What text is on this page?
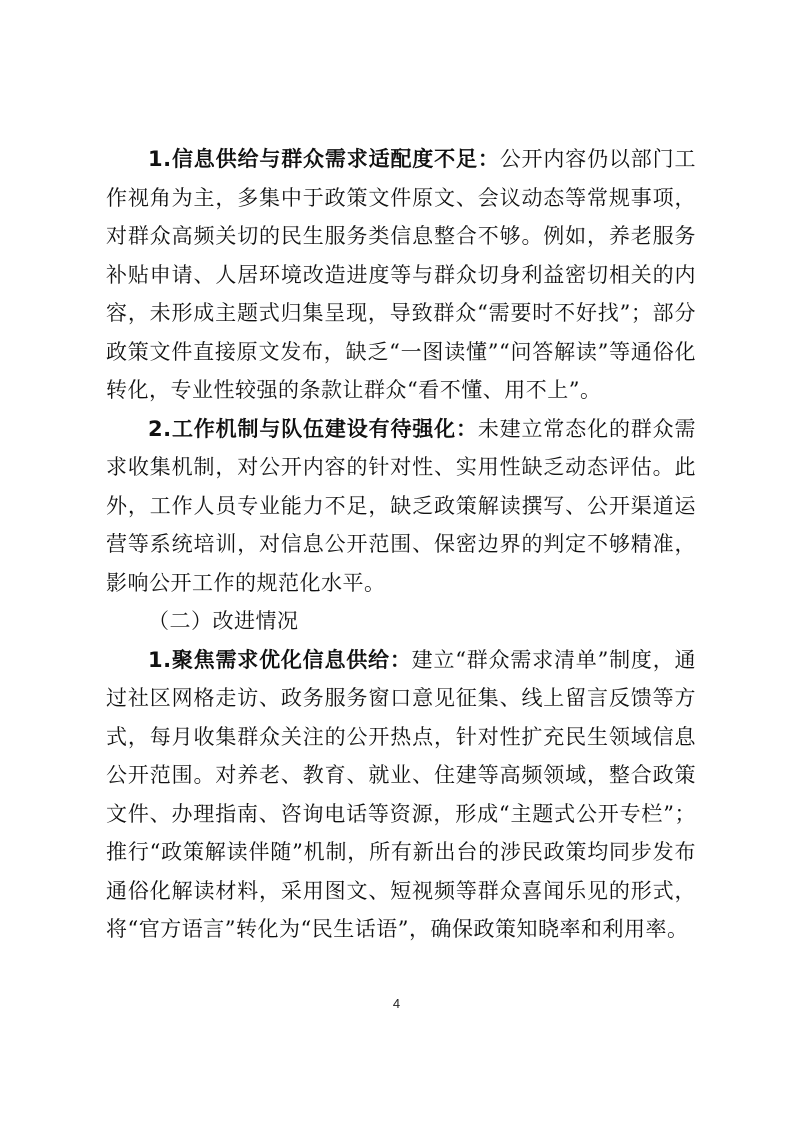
1.信息供给与群众需求适配度不足：公开内容仍以部门工作视角为主，多集中于政策文件原文、会议动态等常规事项，对群众高频关切的民生服务类信息整合不够。例如，养老服务补贴申请、人居环境改造进度等与群众切身利益密切相关的内容，未形成主题式归集呈现，导致群众“需要时不好找”；部分政策文件直接原文发布，缺乏“一图读懂”“问答解读”等通俗化转化，专业性较强的条款让群众“看不懂、用不上”。

2.工作机制与队伍建设有待强化：未建立常态化的群众需求收集机制，对公开内容的针对性、实用性缺乏动态评估。此外，工作人员专业能力不足，缺乏政策解读撰写、公开渠道运营等系统培训，对信息公开范围、保密边界的判定不够精准，影响公开工作的规范化水平。

（二）改进情况

1.聚焦需求优化信息供给：建立“群众需求清单”制度，通过社区网格走访、政务服务窗口意见征集、线上留言反馈等方式，每月收集群众关注的公开热点，针对性扩充民生领域信息公开范围。对养老、教育、就业、住建等高频领域，整合政策文件、办理指南、咨询电话等资源，形成“主题式公开专栏”；推行“政策解读伴随”机制，所有新出台的涉民政策均同步发布通俗化解读材料，采用图文、短视频等群众喜闻乐见的形式，将“官方语言”转化为“民生话语”，确保政策知晓率和利用率。

4
